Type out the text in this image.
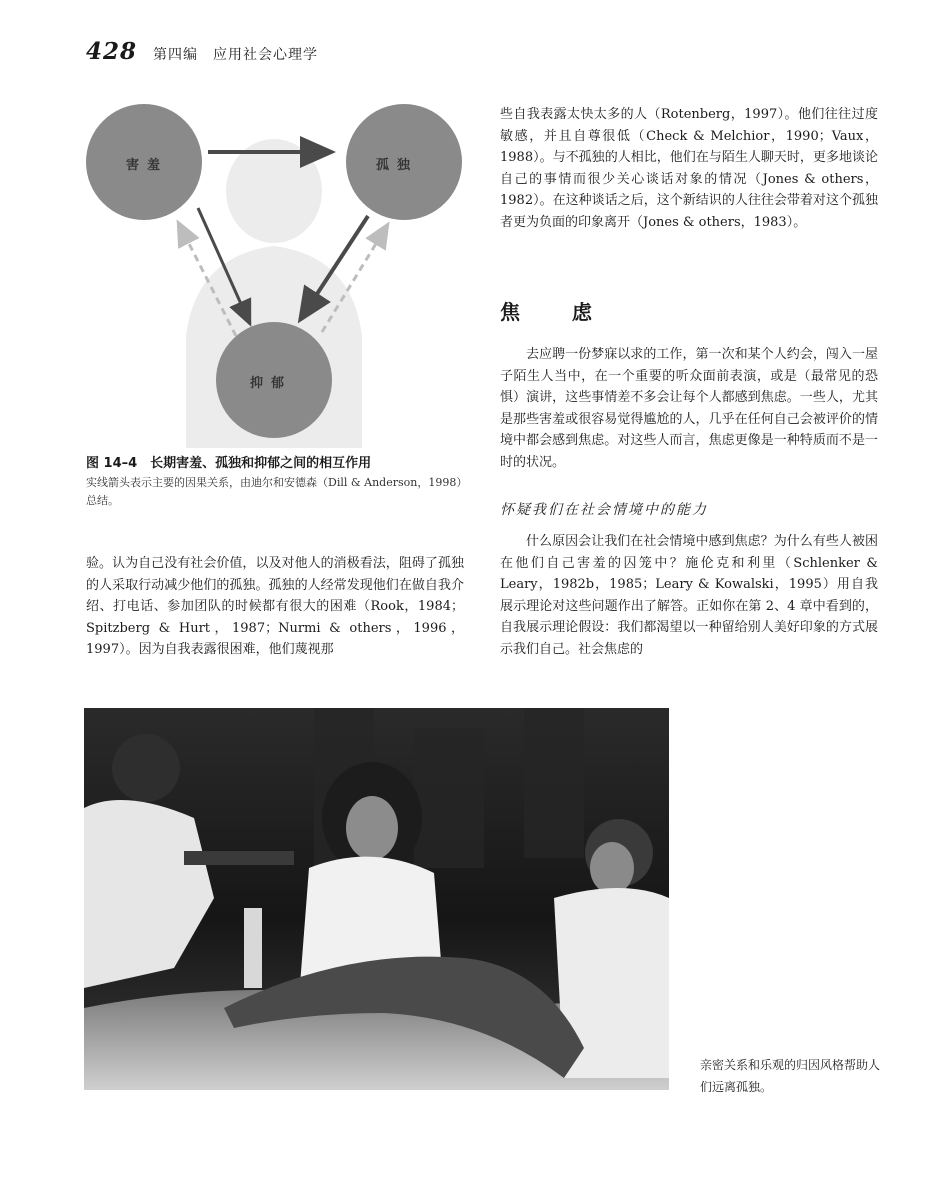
428 第四编　应用社会心理学
害羞	孤独
抑郁
图 14–4　长期害羞、孤独和抑郁之间的相互作用
实线箭头表示主要的因果关系，由迪尔和安德森（Dill & Anderson，1998）总结。

些自我表露太快太多的人（Rotenberg，1997）。他们往往过度敏感，并且自尊很低（Check & Melchior，1990；Vaux，1988）。与不孤独的人相比，他们在与陌生人聊天时，更多地谈论自己的事情而很少关心谈话对象的情况（Jones & others，1982）。在这种谈话之后，这个新结识的人往往会带着对这个孤独者更为负面的印象离开（Jones & others，1983）。

焦　虑

去应聘一份梦寐以求的工作，第一次和某个人约会，闯入一屋子陌生人当中，在一个重要的听众面前表演，或是（最常见的恐惧）演讲，这些事情差不多会让每个人都感到焦虑。一些人，尤其是那些害羞或很容易觉得尴尬的人，几乎在任何自己会被评价的情境中都会感到焦虑。对这些人而言，焦虑更像是一种特质而不是一时的状况。

怀疑我们在社会情境中的能力

什么原因会让我们在社会情境中感到焦虑？为什么有些人被困在他们自己害羞的囚笼中？施伦克和利里（Schlenker & Leary，1982b，1985；Leary & Kowalski，1995）用自我展示理论对这些问题作出了解答。正如你在第 2、4 章中看到的，自我展示理论假设：我们都渴望以一种留给别人美好印象的方式展示我们自己。社会焦虑的

验。认为自己没有社会价值，以及对他人的消极看法，阻碍了孤独的人采取行动减少他们的孤独。孤独的人经常发现他们在做自我介绍、打电话、参加团队的时候都有很大的困难（Rook，1984；Spitzberg & Hurt，1987；Nurmi & others，1996，1997）。因为自我表露很困难，他们蔑视那

亲密关系和乐观的归因风格帮助人们远离孤独。
